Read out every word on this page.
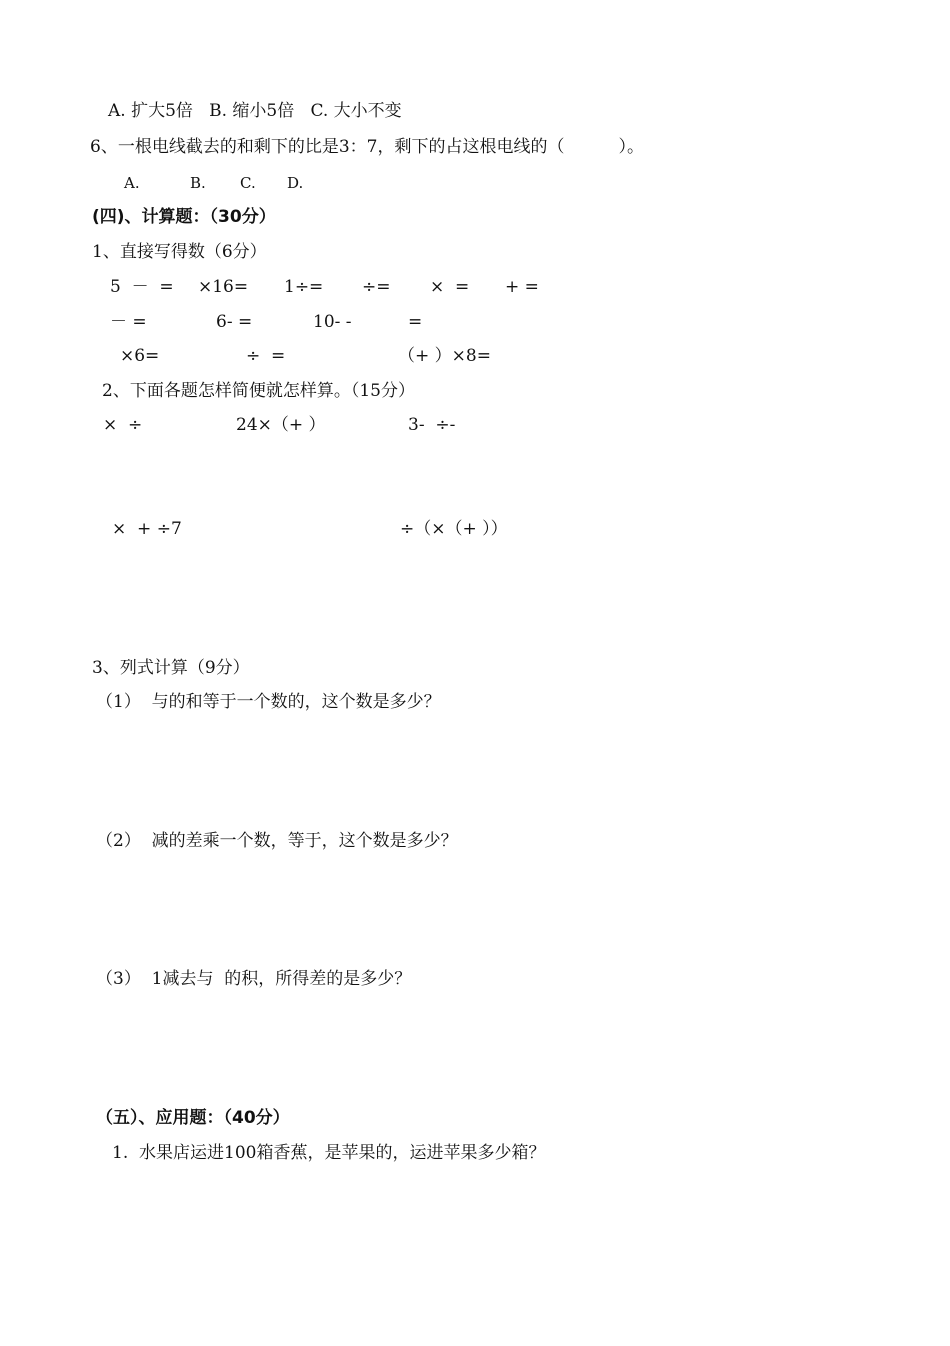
A. 扩大5倍   B. 缩小5倍   C. 大小不变
6、一根电线截去的和剩下的比是3：7，剩下的占这根电线的（          ）。
A.	B. C. D.
(四)、计算题：（30分）
1、直接写得数（6分）
5  －  = ×16= 1÷= ÷= ×  = + =
－ =	6- =	10- -	=
×6=	÷  =	（+ ）×8=
2、下面各题怎样简便就怎样算。（15分）
×  ÷	24×（+ ）	3-  ÷-
×  + ÷7	÷（×（+ ））
3、列式计算（9分）
（1）  与的和等于一个数的，这个数是多少？
（2）  减的差乘一个数，等于，这个数是多少？
（3）  1减去与  的积，所得差的是多少？
（五）、应用题：（40分）
1.  水果店运进100箱香蕉，是苹果的，运进苹果多少箱？
